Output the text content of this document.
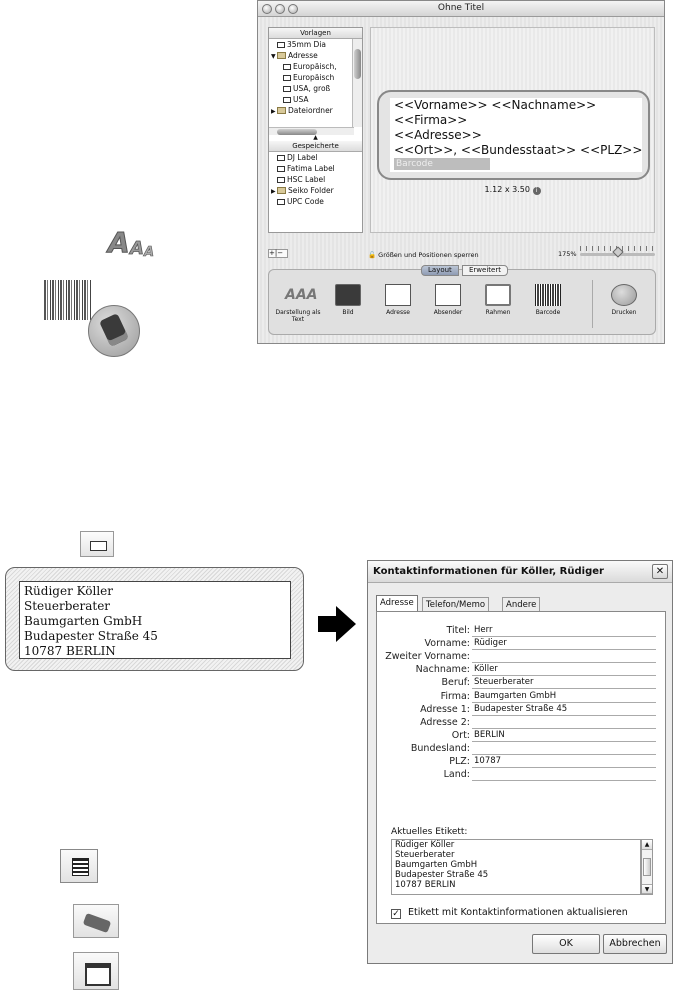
A A A
Ohne Titel
Vorlagen
35mm Dia
▼ Adresse
Europäisch,
Europäisch
USA, groß
USA
▶ Dateiordner
▲
Gespeicherte
DJ Label
Fatima Label
HSC Label
▶ Seiko Folder
UPC Code
<<Vorname>> <<Nachname>>
<<Firma>>
<<Adresse>>
<<Ort>>, <<Bundesstaat>> <<PLZ>>
Barcode
1.12 x 3.50 i
+|−	🔓 Größen und Positionen sperren	175%
Layout	Erweitert
AAA
Darstellung als Text
Bild	Adresse	Absender	Rahmen	Barcode	Drucken
Rüdiger Köller
Steuerberater
Baumgarten GmbH
Budapester Straße 45
10787 BERLIN
Kontaktinformationen für Köller, Rüdiger	✕
Adresse	Telefon/Memo	Andere
Aktuelles Etikett:
Rüdiger Köller
Steuerberater
Baumgarten GmbH
Budapester Straße 45
10787 BERLIN
▲
▼
✓ Etikett mit Kontaktinformationen aktualisieren
Titel: Herr
Vorname: Rüdiger
Zweiter Vorname:
Nachname: Köller
Beruf: Steuerberater
Firma: Baumgarten GmbH
Adresse 1: Budapester Straße 45
Adresse 2:
Ort: BERLIN
Bundesland:
PLZ: 10787
Land:
OK	Abbrechen
